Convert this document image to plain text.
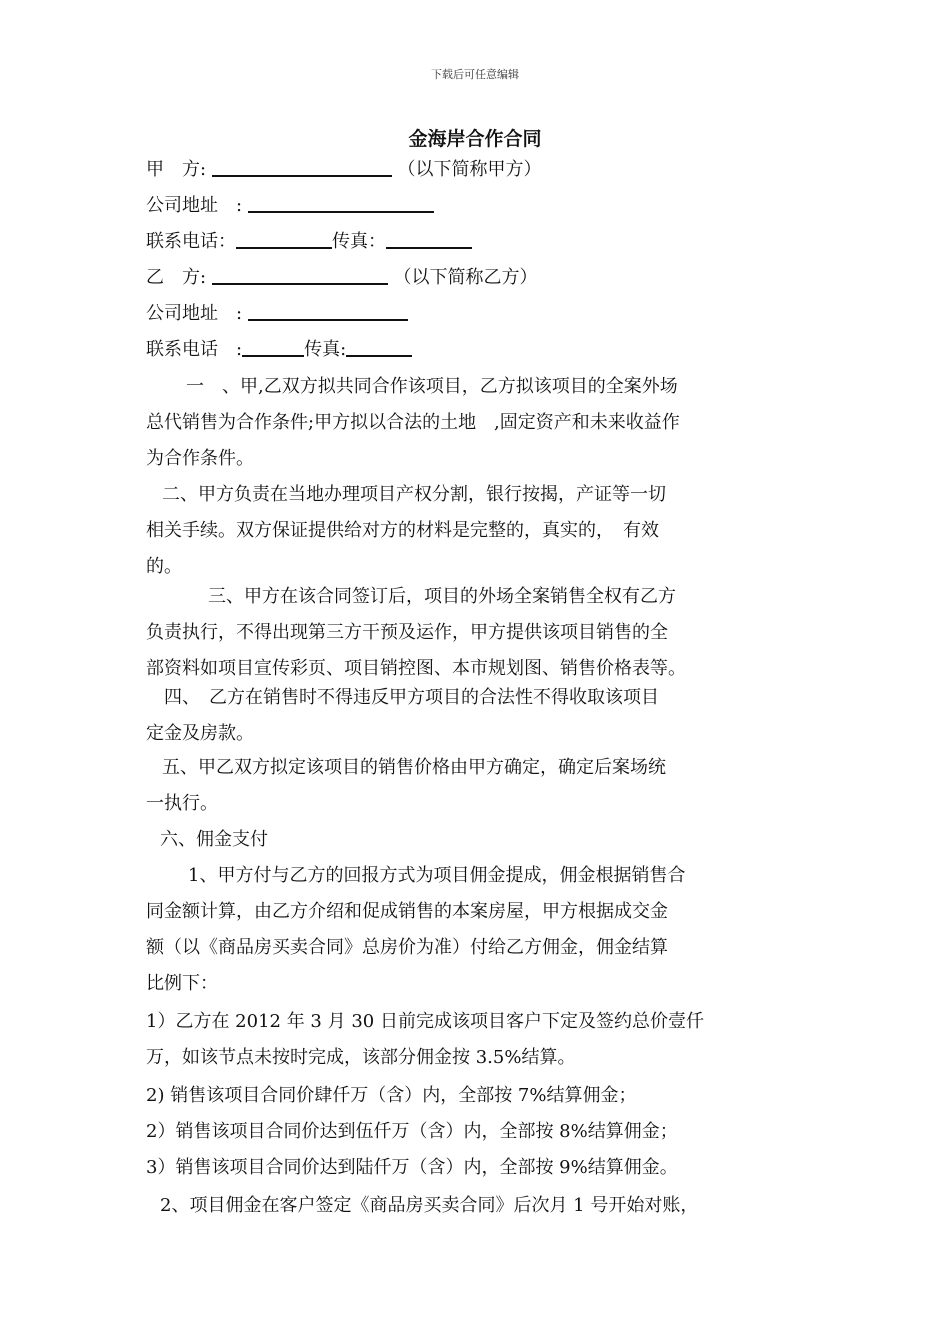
下载后可任意编辑
金海岸合作合同
甲　方:	（以下简称甲方）
公司地址　:
联系电话：	传真：
乙　方:	（以下简称乙方）
公司地址　:
联系电话　:	传真:
一　、甲,乙双方拟共同合作该项目，乙方拟该项目的全案外场
总代销售为合作条件;甲方拟以合法的土地　,固定资产和未来收益作
为合作条件。
二、甲方负责在当地办理项目产权分割，银行按揭，产证等一切
相关手续。双方保证提供给对方的材料是完整的，真实的，　有效
的。
三、甲方在该合同签订后，项目的外场全案销售全权有乙方
负责执行，不得出现第三方干预及运作，甲方提供该项目销售的全
部资料如项目宣传彩页、项目销控图、本市规划图、销售价格表等。
四、　乙方在销售时不得违反甲方项目的合法性不得收取该项目
定金及房款。
五、甲乙双方拟定该项目的销售价格由甲方确定，确定后案场统
一执行。
六、佣金支付
1、甲方付与乙方的回报方式为项目佣金提成，佣金根据销售合
同金额计算，由乙方介绍和促成销售的本案房屋，甲方根据成交金
额（以《商品房买卖合同》总房价为准）付给乙方佣金，佣金结算
比例下：
1）乙方在 2012 年 3 月 30 日前完成该项目客户下定及签约总价壹仟
万，如该节点未按时完成，该部分佣金按 3.5%结算。
2) 销售该项目合同价肆仟万（含）内，全部按 7%结算佣金；
2）销售该项目合同价达到伍仟万（含）内，全部按 8%结算佣金；
3）销售该项目合同价达到陆仟万（含）内，全部按 9%结算佣金。
2、项目佣金在客户签定《商品房买卖合同》后次月 1 号开始对账，
